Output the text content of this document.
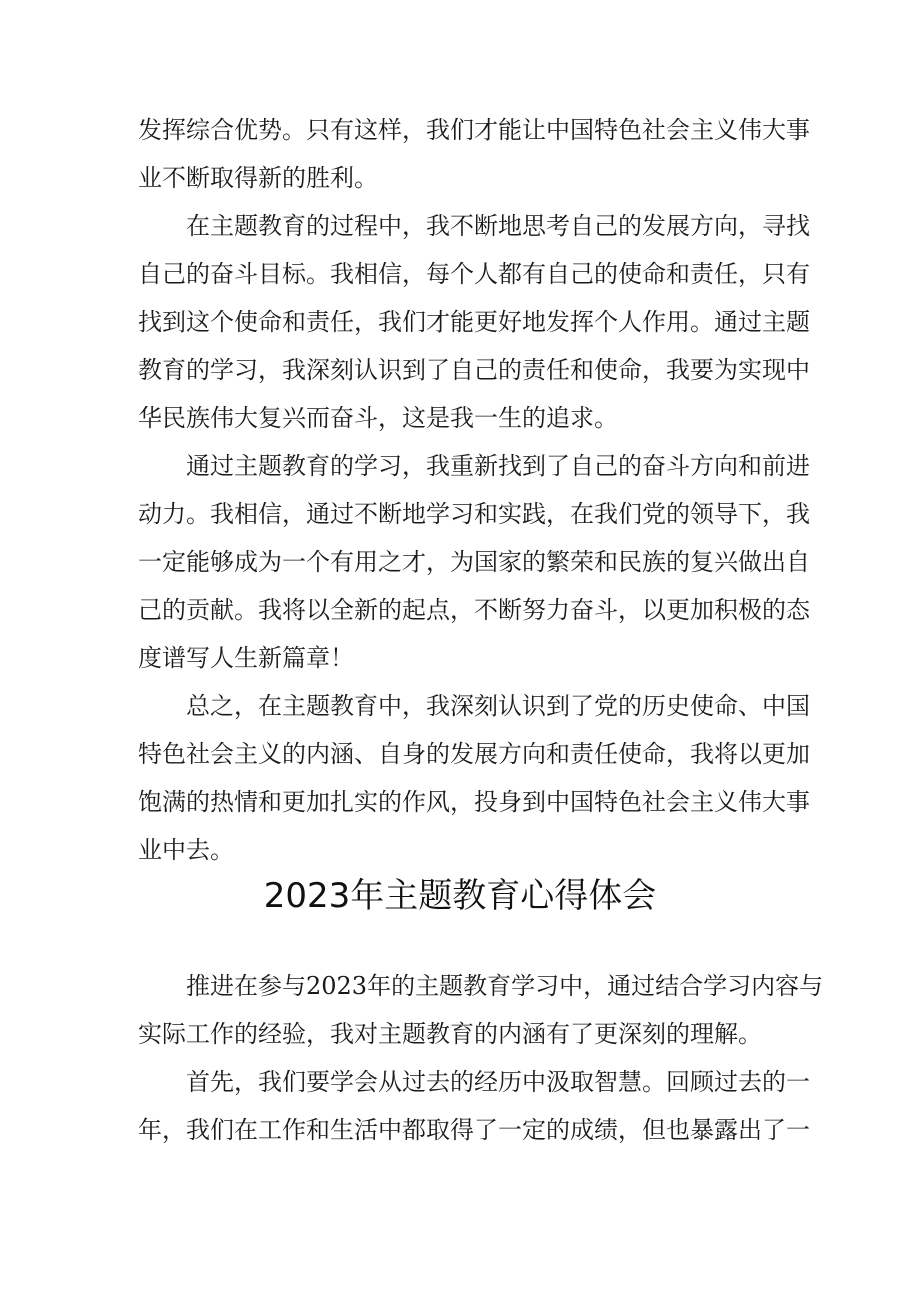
发挥综合优势。只有这样，我们才能让中国特色社会主义伟大事
业不断取得新的胜利。
在主题教育的过程中，我不断地思考自己的发展方向，寻找
自己的奋斗目标。我相信，每个人都有自己的使命和责任，只有
找到这个使命和责任，我们才能更好地发挥个人作用。通过主题
教育的学习，我深刻认识到了自己的责任和使命，我要为实现中
华民族伟大复兴而奋斗，这是我一生的追求。
通过主题教育的学习，我重新找到了自己的奋斗方向和前进
动力。我相信，通过不断地学习和实践，在我们党的领导下，我
一定能够成为一个有用之才，为国家的繁荣和民族的复兴做出自
己的贡献。我将以全新的起点，不断努力奋斗，以更加积极的态
度谱写人生新篇章！
总之，在主题教育中，我深刻认识到了党的历史使命、中国
特色社会主义的内涵、自身的发展方向和责任使命，我将以更加
饱满的热情和更加扎实的作风，投身到中国特色社会主义伟大事
业中去。
2023年主题教育心得体会
推进在参与2023年的主题教育学习中，通过结合学习内容与
实际工作的经验，我对主题教育的内涵有了更深刻的理解。
首先，我们要学会从过去的经历中汲取智慧。回顾过去的一
年，我们在工作和生活中都取得了一定的成绩，但也暴露出了一
